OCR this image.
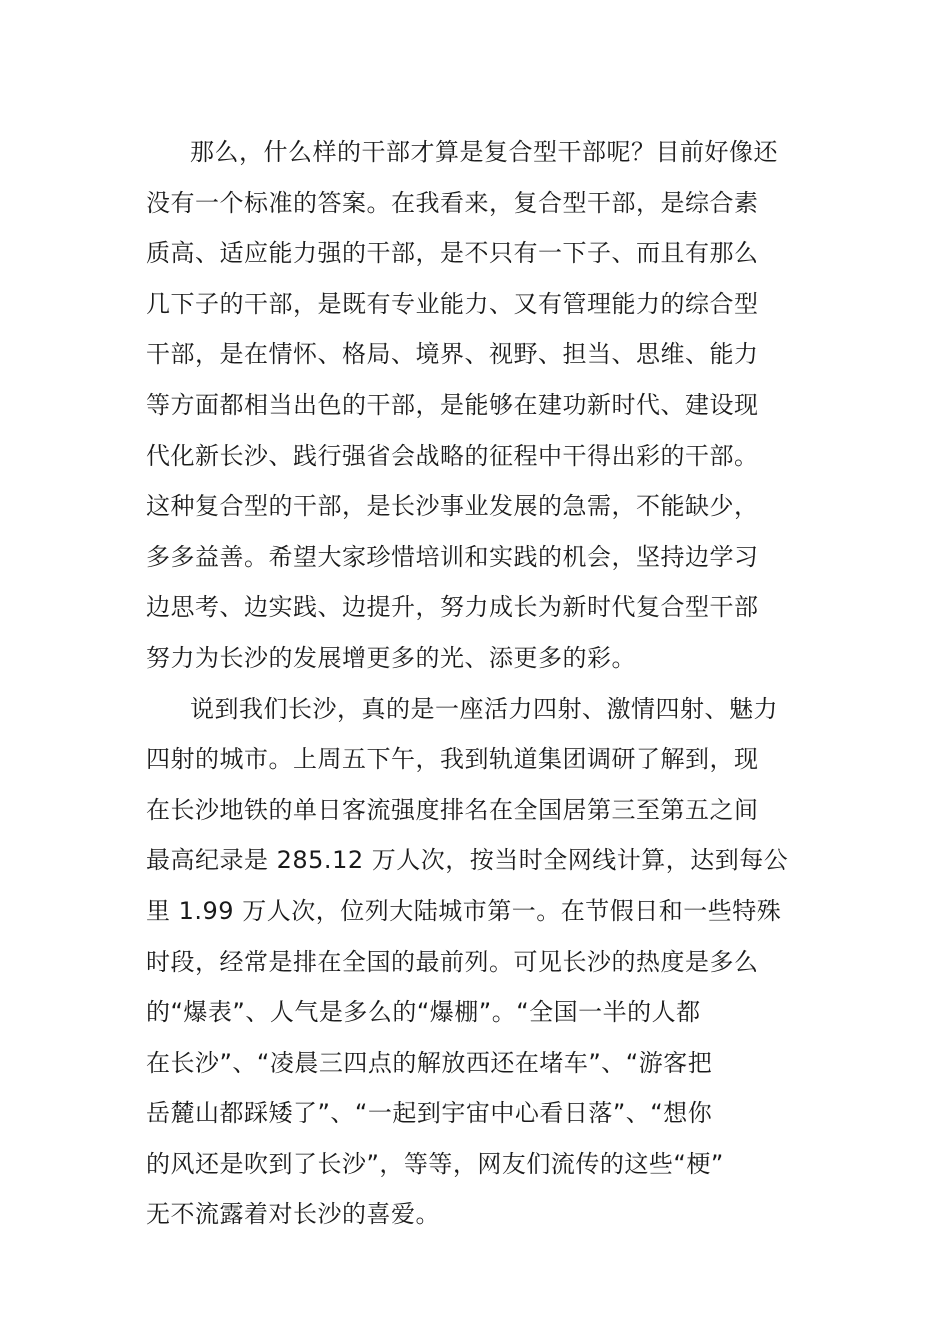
那么，什么样的干部才算是复合型干部呢？目前好像还
没有一个标准的答案。在我看来，复合型干部，是综合素
质高、适应能力强的干部，是不只有一下子、而且有那么
几下子的干部，是既有专业能力、又有管理能力的综合型
干部，是在情怀、格局、境界、视野、担当、思维、能力
等方面都相当出色的干部，是能够在建功新时代、建设现
代化新长沙、践行强省会战略的征程中干得出彩的干部。
这种复合型的干部，是长沙事业发展的急需，不能缺少，
多多益善。希望大家珍惜培训和实践的机会，坚持边学习
边思考、边实践、边提升，努力成长为新时代复合型干部
努力为长沙的发展增更多的光、添更多的彩。
说到我们长沙，真的是一座活力四射、激情四射、魅力
四射的城市。上周五下午，我到轨道集团调研了解到，现
在长沙地铁的单日客流强度排名在全国居第三至第五之间
最高纪录是 285.12 万人次，按当时全网线计算，达到每公
里 1.99 万人次，位列大陆城市第一。在节假日和一些特殊
时段，经常是排在全国的最前列。可见长沙的热度是多么
的“爆表”、人气是多么的“爆棚”。“全国一半的人都
在长沙”、“凌晨三四点的解放西还在堵车”、“游客把
岳麓山都踩矮了”、“一起到宇宙中心看日落”、“想你
的风还是吹到了长沙”，等等，网友们流传的这些“梗”
无不流露着对长沙的喜爱。
